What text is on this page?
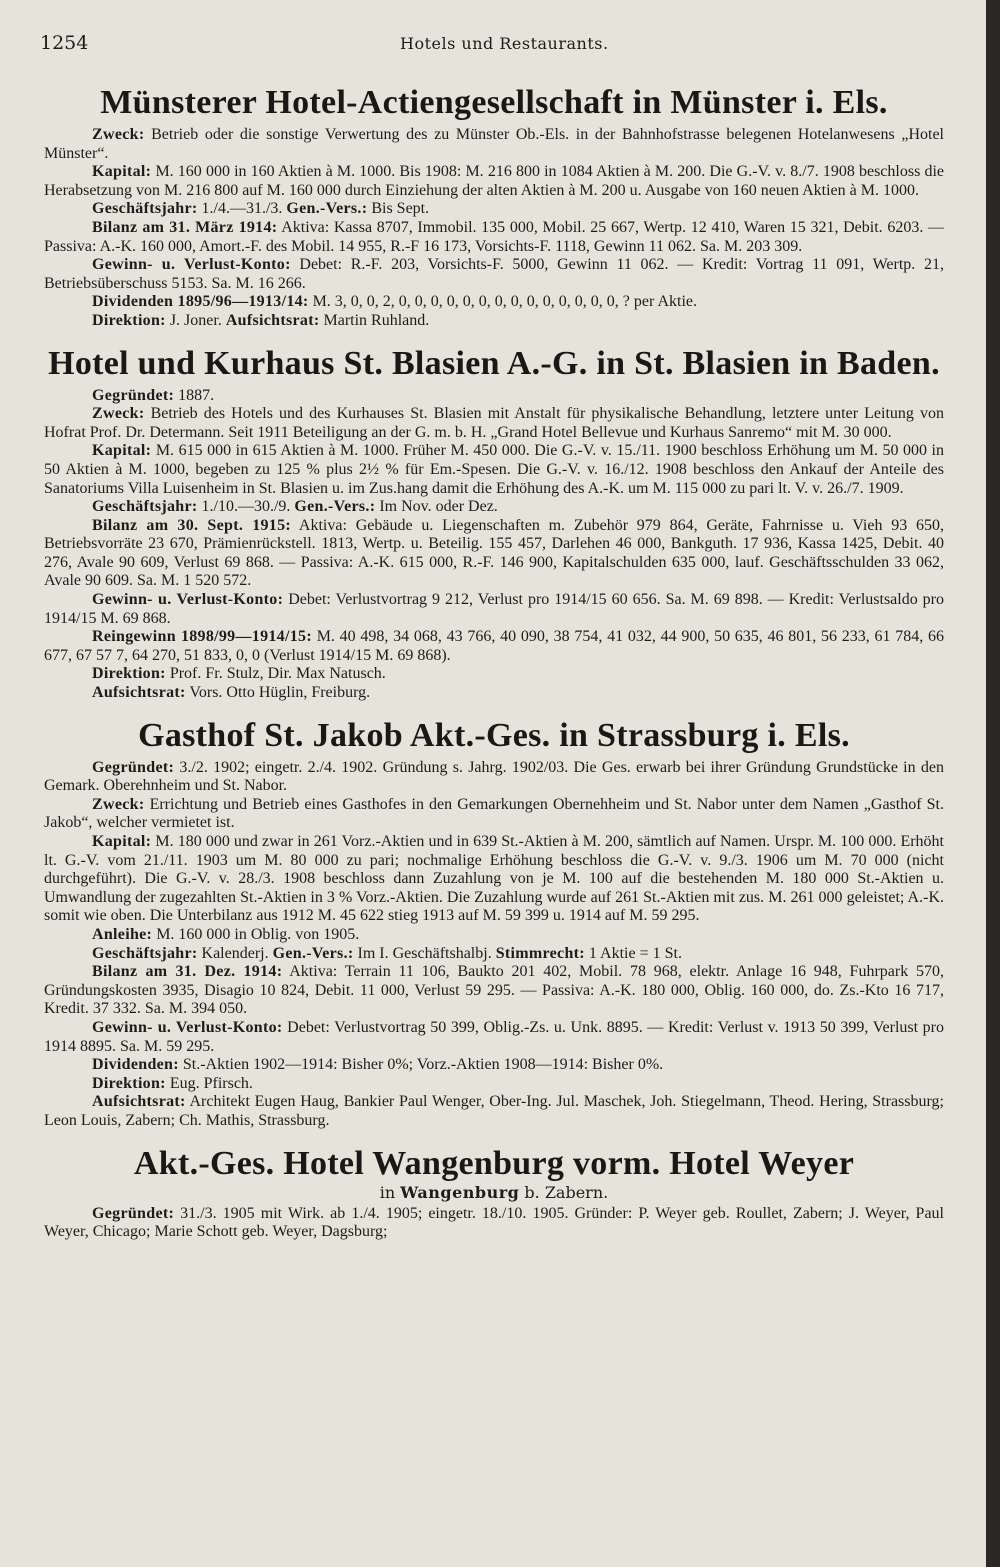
1254	Hotels und Restaurants.
Münsterer Hotel-Actiengesellschaft in Münster i. Els.

Zweck: Betrieb oder die sonstige Verwertung des zu Münster Ob.-Els. in der Bahnhofstrasse belegenen Hotelanwesens „Hotel Münster“.

Kapital: M. 160 000 in 160 Aktien à M. 1000. Bis 1908: M. 216 800 in 1084 Aktien à M. 200. Die G.-V. v. 8./7. 1908 beschloss die Herabsetzung von M. 216 800 auf M. 160 000 durch Einziehung der alten Aktien à M. 200 u. Ausgabe von 160 neuen Aktien à M. 1000.

Geschäftsjahr: 1./4.—31./3. Gen.-Vers.: Bis Sept.

Bilanz am 31. März 1914: Aktiva: Kassa 8707, Immobil. 135 000, Mobil. 25 667, Wertp. 12 410, Waren 15 321, Debit. 6203. — Passiva: A.-K. 160 000, Amort.-F. des Mobil. 14 955, R.-F 16 173, Vorsichts-F. 1118, Gewinn 11 062. Sa. M. 203 309.

Gewinn- u. Verlust-Konto: Debet: R.-F. 203, Vorsichts-F. 5000, Gewinn 11 062. — Kredit: Vortrag 11 091, Wertp. 21, Betriebsüberschuss 5153. Sa. M. 16 266.

Dividenden 1895/96—1913/14: M. 3, 0, 0, 2, 0, 0, 0, 0, 0, 0, 0, 0, 0, 0, 0, 0, 0, 0, ? per Aktie.

Direktion: J. Joner. Aufsichtsrat: Martin Ruhland.

Hotel und Kurhaus St. Blasien A.-G. in St. Blasien in Baden.

Gegründet: 1887.

Zweck: Betrieb des Hotels und des Kurhauses St. Blasien mit Anstalt für physikalische Behandlung, letztere unter Leitung von Hofrat Prof. Dr. Determann. Seit 1911 Beteiligung an der G. m. b. H. „Grand Hotel Bellevue und Kurhaus Sanremo“ mit M. 30 000.

Kapital: M. 615 000 in 615 Aktien à M. 1000. Früher M. 450 000. Die G.-V. v. 15./11. 1900 beschloss Erhöhung um M. 50 000 in 50 Aktien à M. 1000, begeben zu 125 % plus 2½ % für Em.-Spesen. Die G.-V. v. 16./12. 1908 beschloss den Ankauf der Anteile des Sanatoriums Villa Luisenheim in St. Blasien u. im Zus.hang damit die Erhöhung des A.-K. um M. 115 000 zu pari lt. V. v. 26./7. 1909.

Geschäftsjahr: 1./10.—30./9. Gen.-Vers.: Im Nov. oder Dez.

Bilanz am 30. Sept. 1915: Aktiva: Gebäude u. Liegenschaften m. Zubehör 979 864, Geräte, Fahrnisse u. Vieh 93 650, Betriebsvorräte 23 670, Prämienrückstell. 1813, Wertp. u. Beteilig. 155 457, Darlehen 46 000, Bankguth. 17 936, Kassa 1425, Debit. 40 276, Avale 90 609, Verlust 69 868. — Passiva: A.-K. 615 000, R.-F. 146 900, Kapitalschulden 635 000, lauf. Geschäftsschulden 33 062, Avale 90 609. Sa. M. 1 520 572.

Gewinn- u. Verlust-Konto: Debet: Verlustvortrag 9 212, Verlust pro 1914/15 60 656. Sa. M. 69 898. — Kredit: Verlustsaldo pro 1914/15 M. 69 868.

Reingewinn 1898/99—1914/15: M. 40 498, 34 068, 43 766, 40 090, 38 754, 41 032, 44 900, 50 635, 46 801, 56 233, 61 784, 66 677, 67 57 7, 64 270, 51 833, 0, 0 (Verlust 1914/15 M. 69 868).

Direktion: Prof. Fr. Stulz, Dir. Max Natusch.

Aufsichtsrat: Vors. Otto Hüglin, Freiburg.

Gasthof St. Jakob Akt.-Ges. in Strassburg i. Els.

Gegründet: 3./2. 1902; eingetr. 2./4. 1902. Gründung s. Jahrg. 1902/03. Die Ges. erwarb bei ihrer Gründung Grundstücke in den Gemark. Oberehnheim und St. Nabor.

Zweck: Errichtung und Betrieb eines Gasthofes in den Gemarkungen Obernehheim und St. Nabor unter dem Namen „Gasthof St. Jakob“, welcher vermietet ist.

Kapital: M. 180 000 und zwar in 261 Vorz.-Aktien und in 639 St.-Aktien à M. 200, sämtlich auf Namen. Urspr. M. 100 000. Erhöht lt. G.-V. vom 21./11. 1903 um M. 80 000 zu pari; nochmalige Erhöhung beschloss die G.-V. v. 9./3. 1906 um M. 70 000 (nicht durchgeführt). Die G.-V. v. 28./3. 1908 beschloss dann Zuzahlung von je M. 100 auf die bestehenden M. 180 000 St.-Aktien u. Umwandlung der zugezahlten St.-Aktien in 3 % Vorz.-Aktien. Die Zuzahlung wurde auf 261 St.-Aktien mit zus. M. 261 000 geleistet; A.-K. somit wie oben. Die Unterbilanz aus 1912 M. 45 622 stieg 1913 auf M. 59 399 u. 1914 auf M. 59 295.

Anleihe: M. 160 000 in Oblig. von 1905.

Geschäftsjahr: Kalenderj. Gen.-Vers.: Im I. Geschäftshalbj. Stimmrecht: 1 Aktie = 1 St.

Bilanz am 31. Dez. 1914: Aktiva: Terrain 11 106, Baukto 201 402, Mobil. 78 968, elektr. Anlage 16 948, Fuhrpark 570, Gründungskosten 3935, Disagio 10 824, Debit. 11 000, Verlust 59 295. — Passiva: A.-K. 180 000, Oblig. 160 000, do. Zs.-Kto 16 717, Kredit. 37 332. Sa. M. 394 050.

Gewinn- u. Verlust-Konto: Debet: Verlustvortrag 50 399, Oblig.-Zs. u. Unk. 8895. — Kredit: Verlust v. 1913 50 399, Verlust pro 1914 8895. Sa. M. 59 295.

Dividenden: St.-Aktien 1902—1914: Bisher 0%; Vorz.-Aktien 1908—1914: Bisher 0%.

Direktion: Eug. Pfirsch.

Aufsichtsrat: Architekt Eugen Haug, Bankier Paul Wenger, Ober-Ing. Jul. Maschek, Joh. Stiegelmann, Theod. Hering, Strassburg; Leon Louis, Zabern; Ch. Mathis, Strassburg.

Akt.-Ges. Hotel Wangenburg vorm. Hotel Weyer
in Wangenburg b. Zabern.

Gegründet: 31./3. 1905 mit Wirk. ab 1./4. 1905; eingetr. 18./10. 1905. Gründer: P. Weyer geb. Roullet, Zabern; J. Weyer, Paul Weyer, Chicago; Marie Schott geb. Weyer, Dagsburg;
